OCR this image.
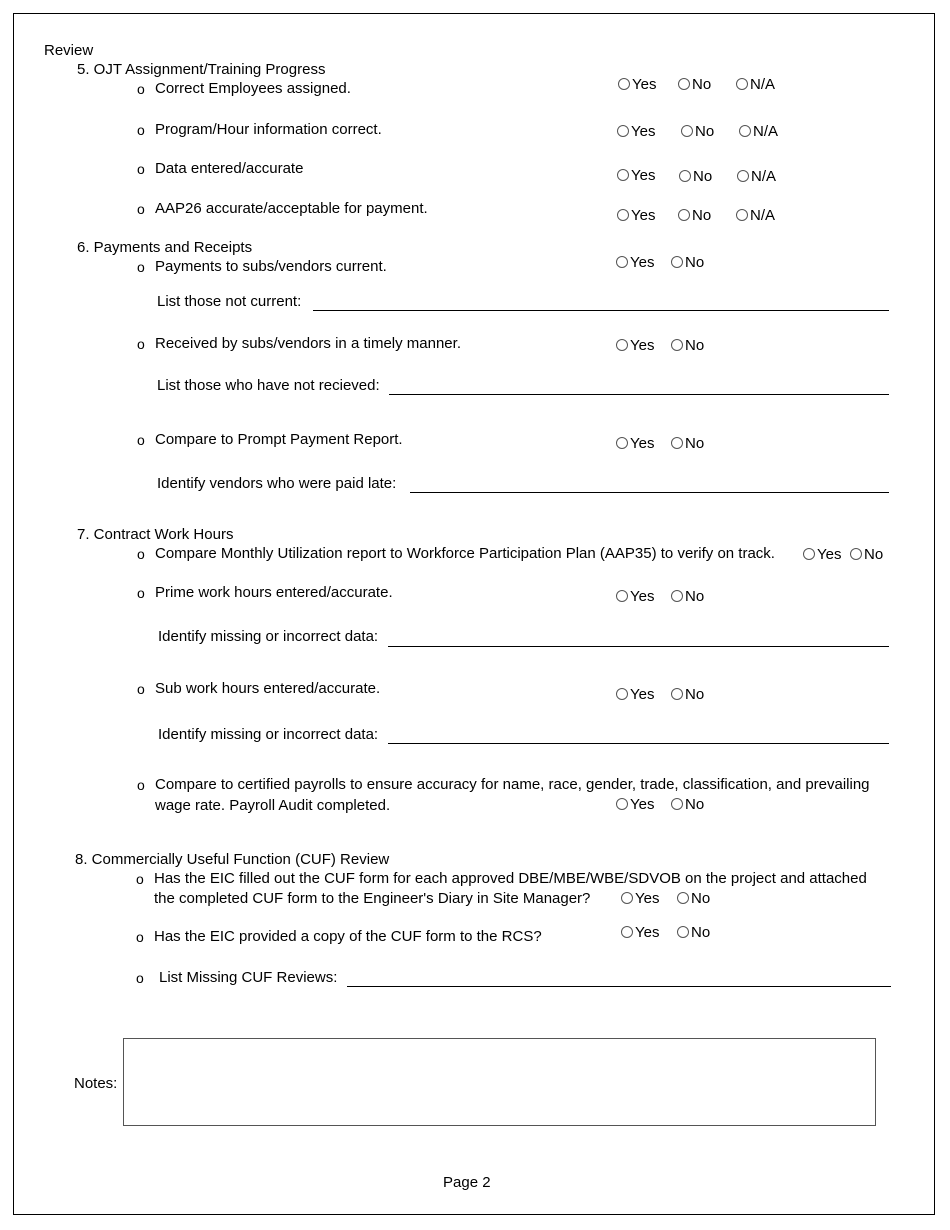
Review
5. OJT Assignment/Training Progress
o Correct Employees assigned.	Yes	No	N/A
o Program/Hour information correct.	Yes	No	N/A
o Data entered/accurate	Yes	No	N/A
o AAP26 accurate/acceptable for payment.	Yes	No	N/A
6. Payments and Receipts
o Payments to subs/vendors current.	Yes	No
List those not current:
o Received by subs/vendors in a timely manner.	Yes	No
List those who have not recieved:
o Compare to Prompt Payment Report.	Yes	No
Identify vendors who were paid late:
7. Contract Work Hours
o Compare Monthly Utilization report to Workforce Participation Plan (AAP35) to verify on track.	Yes	No
o Prime work hours entered/accurate.	Yes	No
Identify missing or incorrect data:
o Sub work hours entered/accurate.	Yes	No
Identify missing or incorrect data:
o Compare to certified payrolls to ensure accuracy for name, race, gender, trade, classification, and prevailing
wage rate. Payroll Audit completed.	Yes	No
8. Commercially Useful Function (CUF) Review
o Has the EIC filled out the CUF form for each approved DBE/MBE/WBE/SDVOB on the project and attached
the completed CUF form to the Engineer's Diary in Site Manager?	Yes	No
o Has the EIC provided a copy of the CUF form to the RCS?	Yes	No
o List Missing CUF Reviews:
Notes:
Page 2
